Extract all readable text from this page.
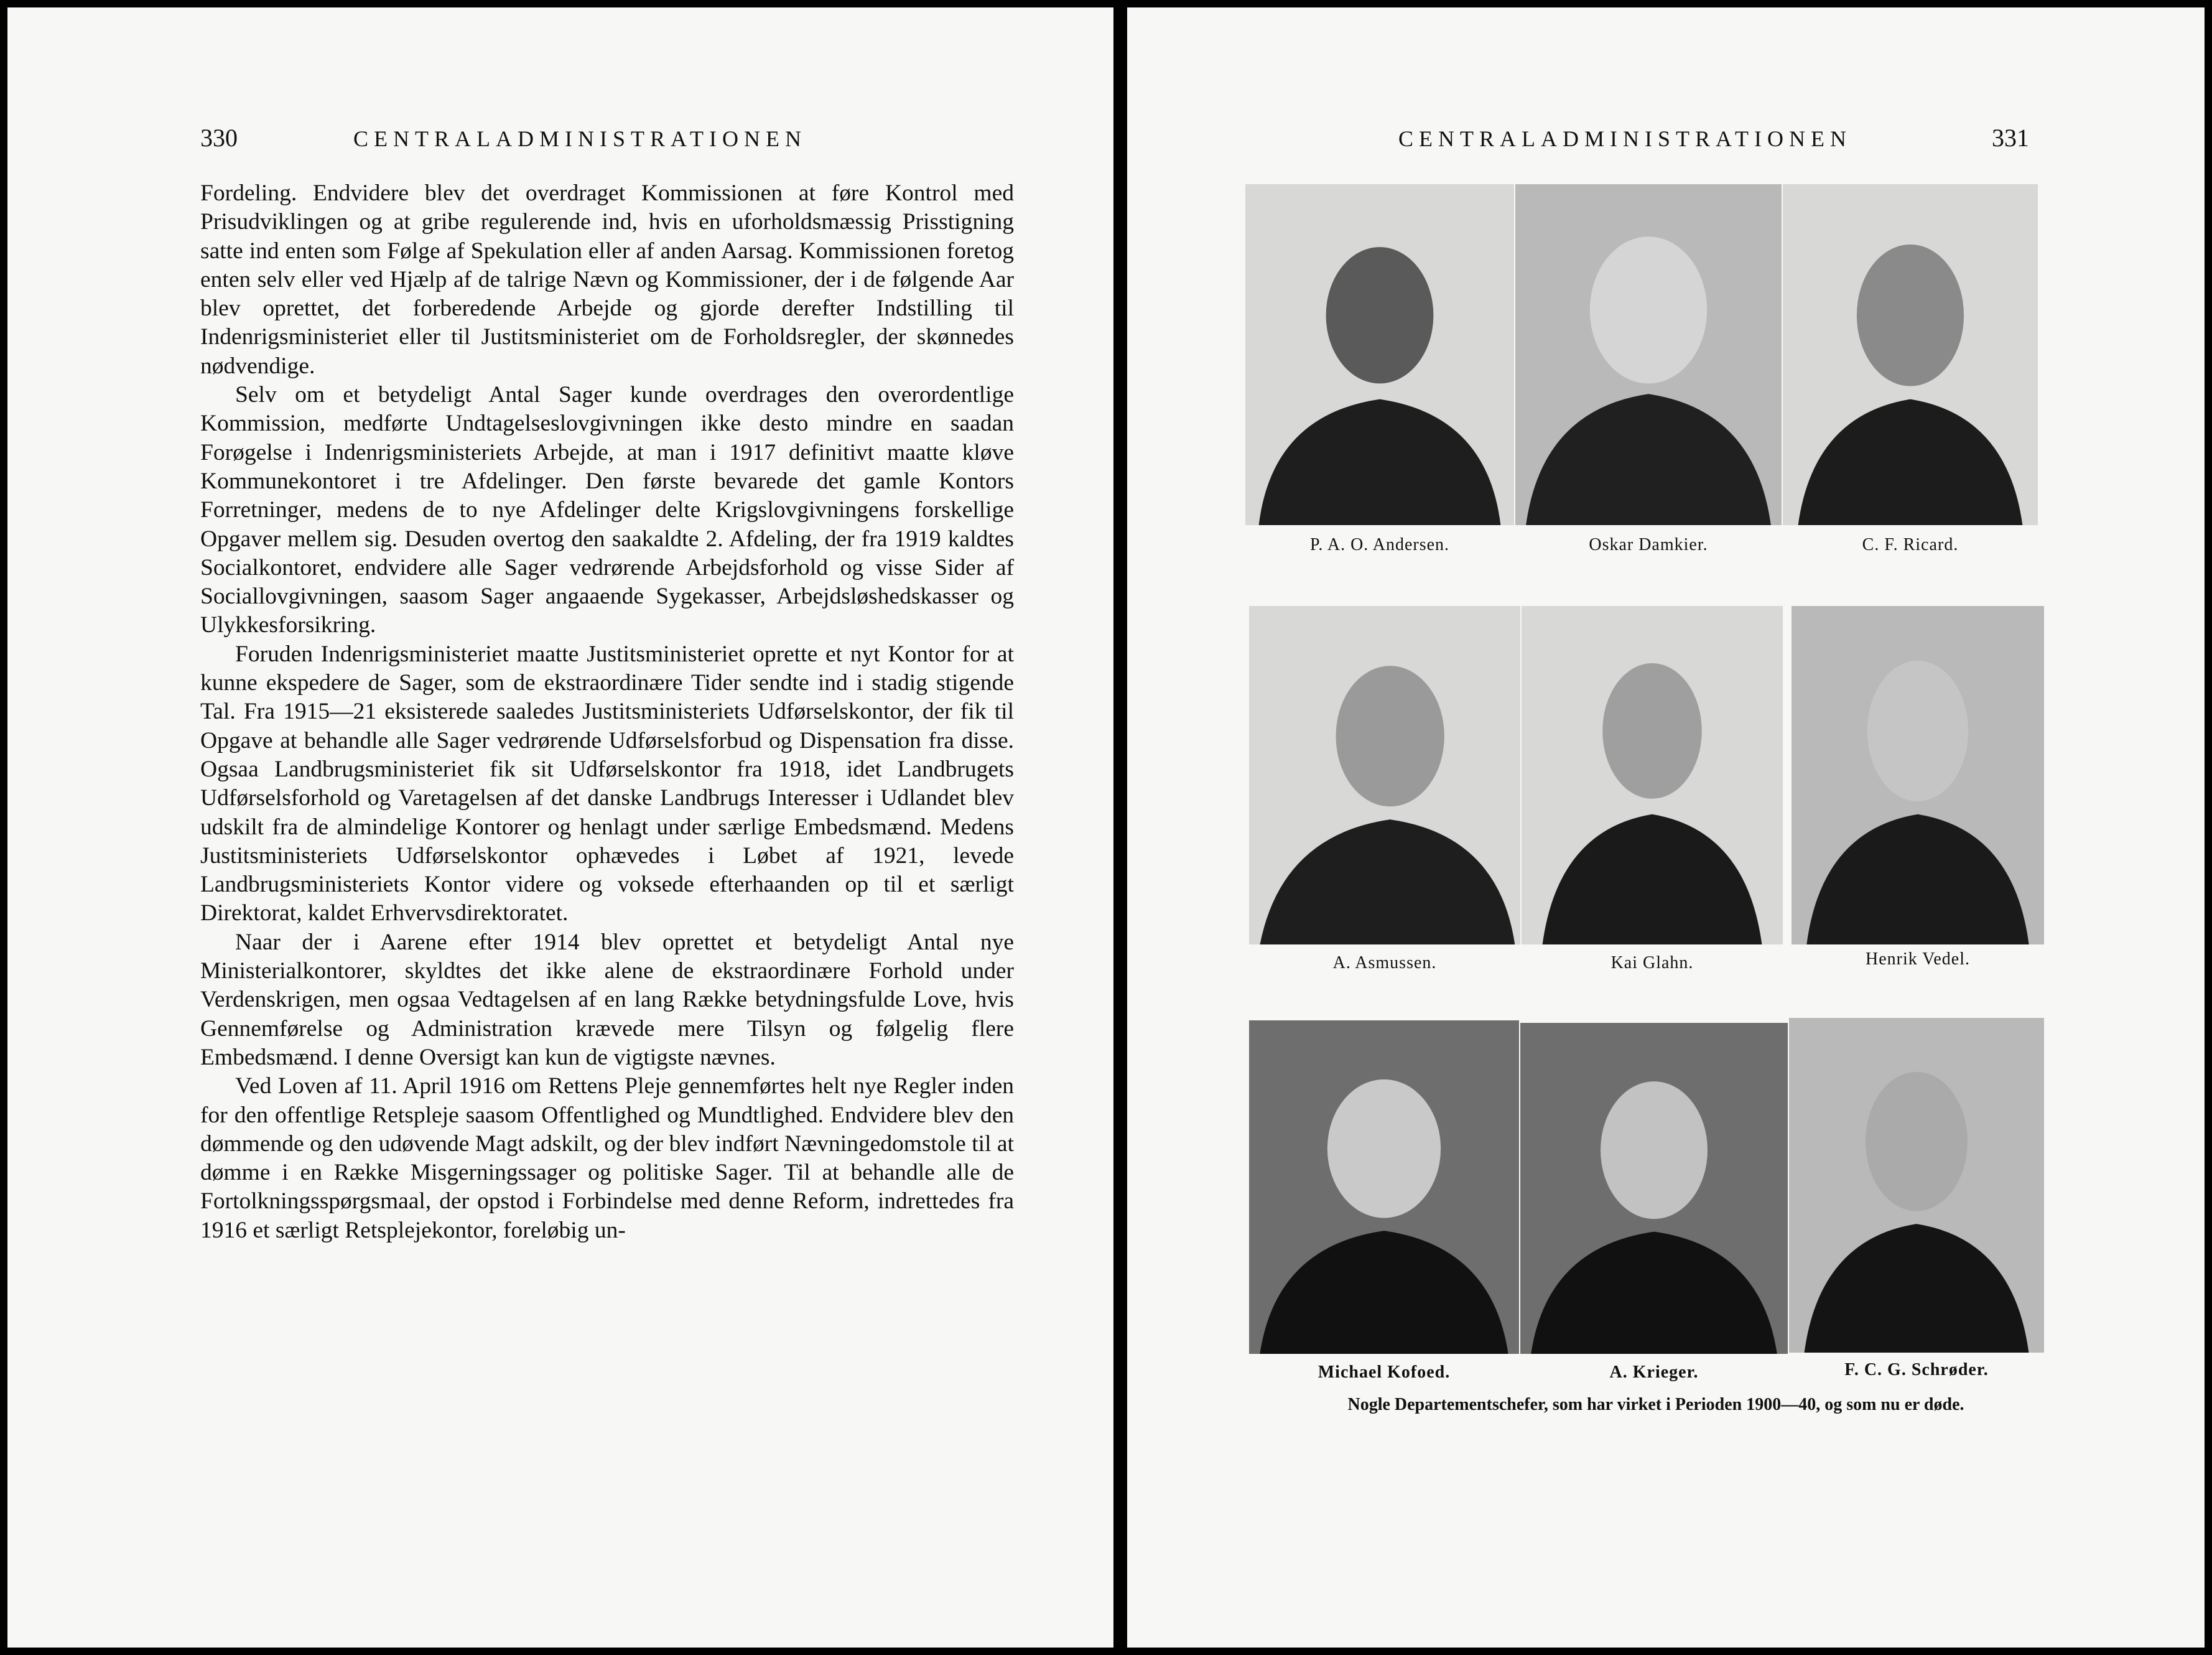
330	CENTRALADMINISTRATIONEN

Fordeling. Endvidere blev det overdraget Kommissionen at føre Kontrol med Prisudviklingen og at gribe regulerende ind, hvis en uforholdsmæssig Prisstigning satte ind enten som Følge af Spekulation eller af anden Aarsag. Kommissionen foretog enten selv eller ved Hjælp af de talrige Nævn og Kommissioner, der i de følgende Aar blev oprettet, det forberedende Arbejde og gjorde derefter Indstilling til Indenrigsministeriet eller til Justitsministeriet om de Forholdsregler, der skønnedes nødvendige.

Selv om et betydeligt Antal Sager kunde overdrages den overordentlige Kommission, medførte Undtagelseslovgivningen ikke desto mindre en saadan Forøgelse i Indenrigsministeriets Arbejde, at man i 1917 definitivt maatte kløve Kommunekontoret i tre Afdelinger. Den første bevarede det gamle Kontors Forretninger, medens de to nye Afdelinger delte Krigslovgivningens forskellige Opgaver mellem sig. Desuden overtog den saakaldte 2. Afdeling, der fra 1919 kaldtes Socialkontoret, endvidere alle Sager vedrørende Arbejdsforhold og visse Sider af Sociallovgivningen, saasom Sager angaaende Sygekasser, Arbejdsløshedskasser og Ulykkesforsikring.

Foruden Indenrigsministeriet maatte Justitsministeriet oprette et nyt Kontor for at kunne ekspedere de Sager, som de ekstraordinære Tider sendte ind i stadig stigende Tal. Fra 1915—21 eksisterede saaledes Justitsministeriets Udførselskontor, der fik til Opgave at behandle alle Sager vedrørende Udførselsforbud og Dispensation fra disse. Ogsaa Landbrugsministeriet fik sit Udførselskontor fra 1918, idet Landbrugets Udførselsforhold og Varetagelsen af det danske Landbrugs Interesser i Udlandet blev udskilt fra de almindelige Kontorer og henlagt under særlige Embedsmænd. Medens Justitsministeriets Udførselskontor ophævedes i Løbet af 1921, levede Landbrugsministeriets Kontor videre og voksede efterhaanden op til et særligt Direktorat, kaldet Erhvervsdirektoratet.

Naar der i Aarene efter 1914 blev oprettet et betydeligt Antal nye Ministerialkontorer, skyldtes det ikke alene de ekstraordinære Forhold under Verdenskrigen, men ogsaa Vedtagelsen af en lang Række betydningsfulde Love, hvis Gennemførelse og Administration krævede mere Tilsyn og følgelig flere Embedsmænd. I denne Oversigt kan kun de vigtigste nævnes.

Ved Loven af 11. April 1916 om Rettens Pleje gennemførtes helt nye Regler inden for den offentlige Retspleje saasom Offentlighed og Mundtlighed. Endvidere blev den dømmende og den udøvende Magt adskilt, og der blev indført Nævningedomstole til at dømme i en Række Misgerningssager og politiske Sager. Til at behandle alle de Fortolkningsspørgsmaal, der opstod i Forbindelse med denne Reform, indrettedes fra 1916 et særligt Retsplejekontor, foreløbig un-

CENTRALADMINISTRATIONEN	331
P. A. O. Andersen.	Oskar Damkier.	C. F. Ricard.
A. Asmussen.	Kai Glahn.	Henrik Vedel.
Michael Kofoed.	A. Krieger.	F. C. G. Schrøder.
Nogle Departementschefer, som har virket i Perioden 1900—40, og som nu er døde.
